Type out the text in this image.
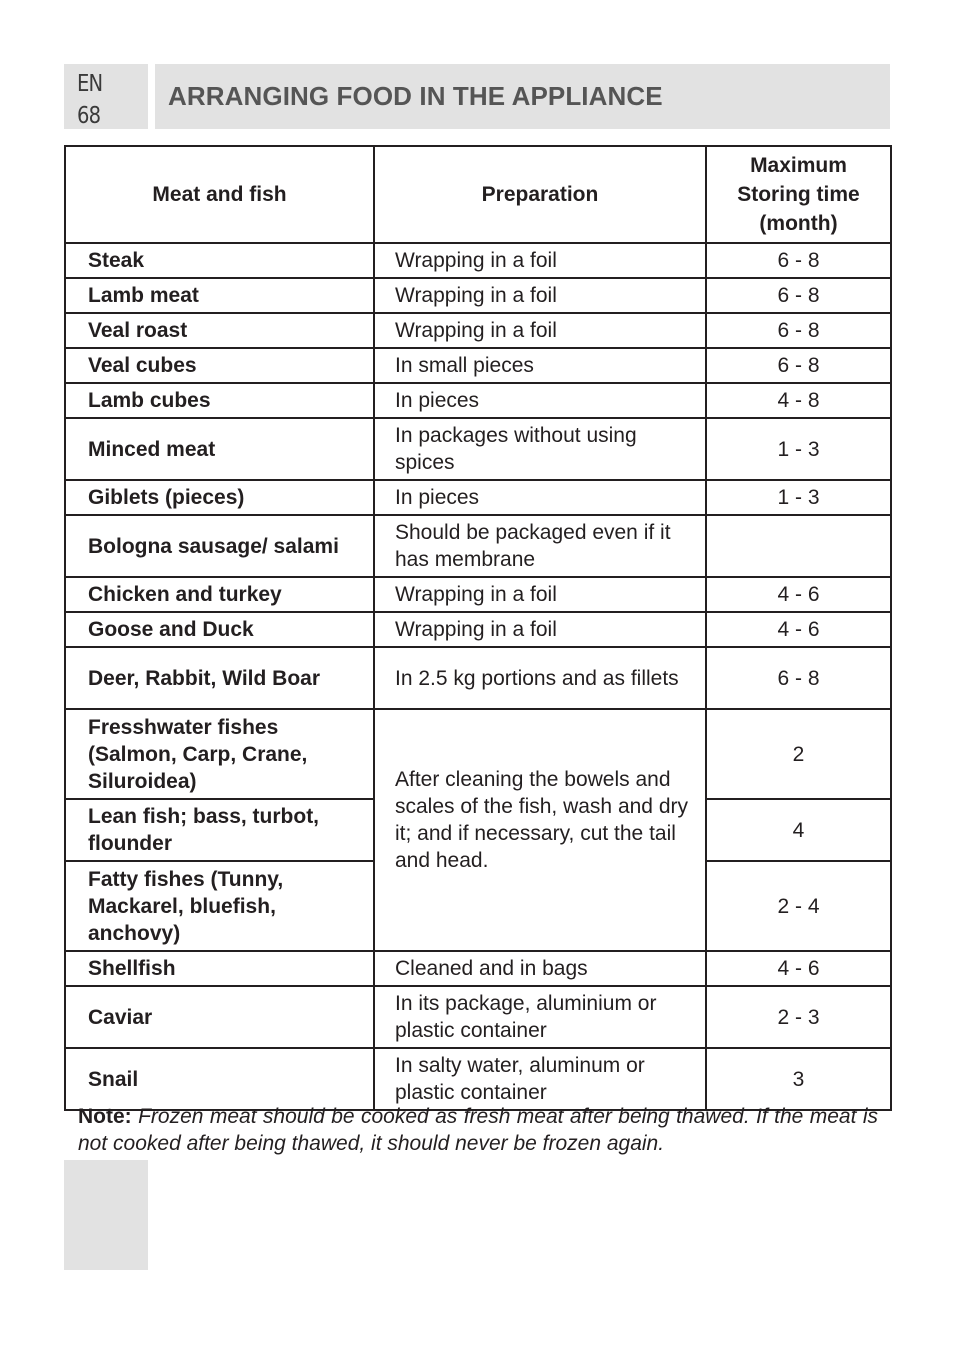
EN
68
ARRANGING FOOD IN THE APPLIANCE
Meat and fish	Preparation	Maximum
Storing time
(month)

Steak	Wrapping in a foil	6 - 8
Lamb meat	Wrapping in a foil	6 - 8
Veal roast	Wrapping in a foil	6 - 8
Veal cubes	In small pieces	6 - 8
Lamb cubes	In pieces	4 - 8
Minced meat	In packages without using spices	1 - 3
Giblets (pieces)	In pieces	1 - 3
Bologna sausage/ salami	Should be packaged even if it has membrane	
Chicken and turkey	Wrapping in a foil	4 - 6
Goose and Duck	Wrapping in a foil	4 - 6
Deer, Rabbit, Wild Boar	In 2.5 kg portions and as fillets	6 - 8
Fresshwater fishes (Salmon, Carp, Crane, Siluroidea)	After cleaning the bowels and scales of the fish, wash and dry it; and if necessary, cut the tail and head.	2
Lean fish; bass, turbot, flounder		4
Fatty fishes (Tunny, Mackarel, bluefish, anchovy)		2 - 4
Shellfish	Cleaned and in bags	4 - 6
Caviar	In its package, aluminium or plastic container	2 - 3
Snail	In salty water, aluminum or plastic container	3

Note: Frozen meat should be cooked as fresh meat after being thawed. If the meat is not cooked after being thawed, it should never be frozen again.
